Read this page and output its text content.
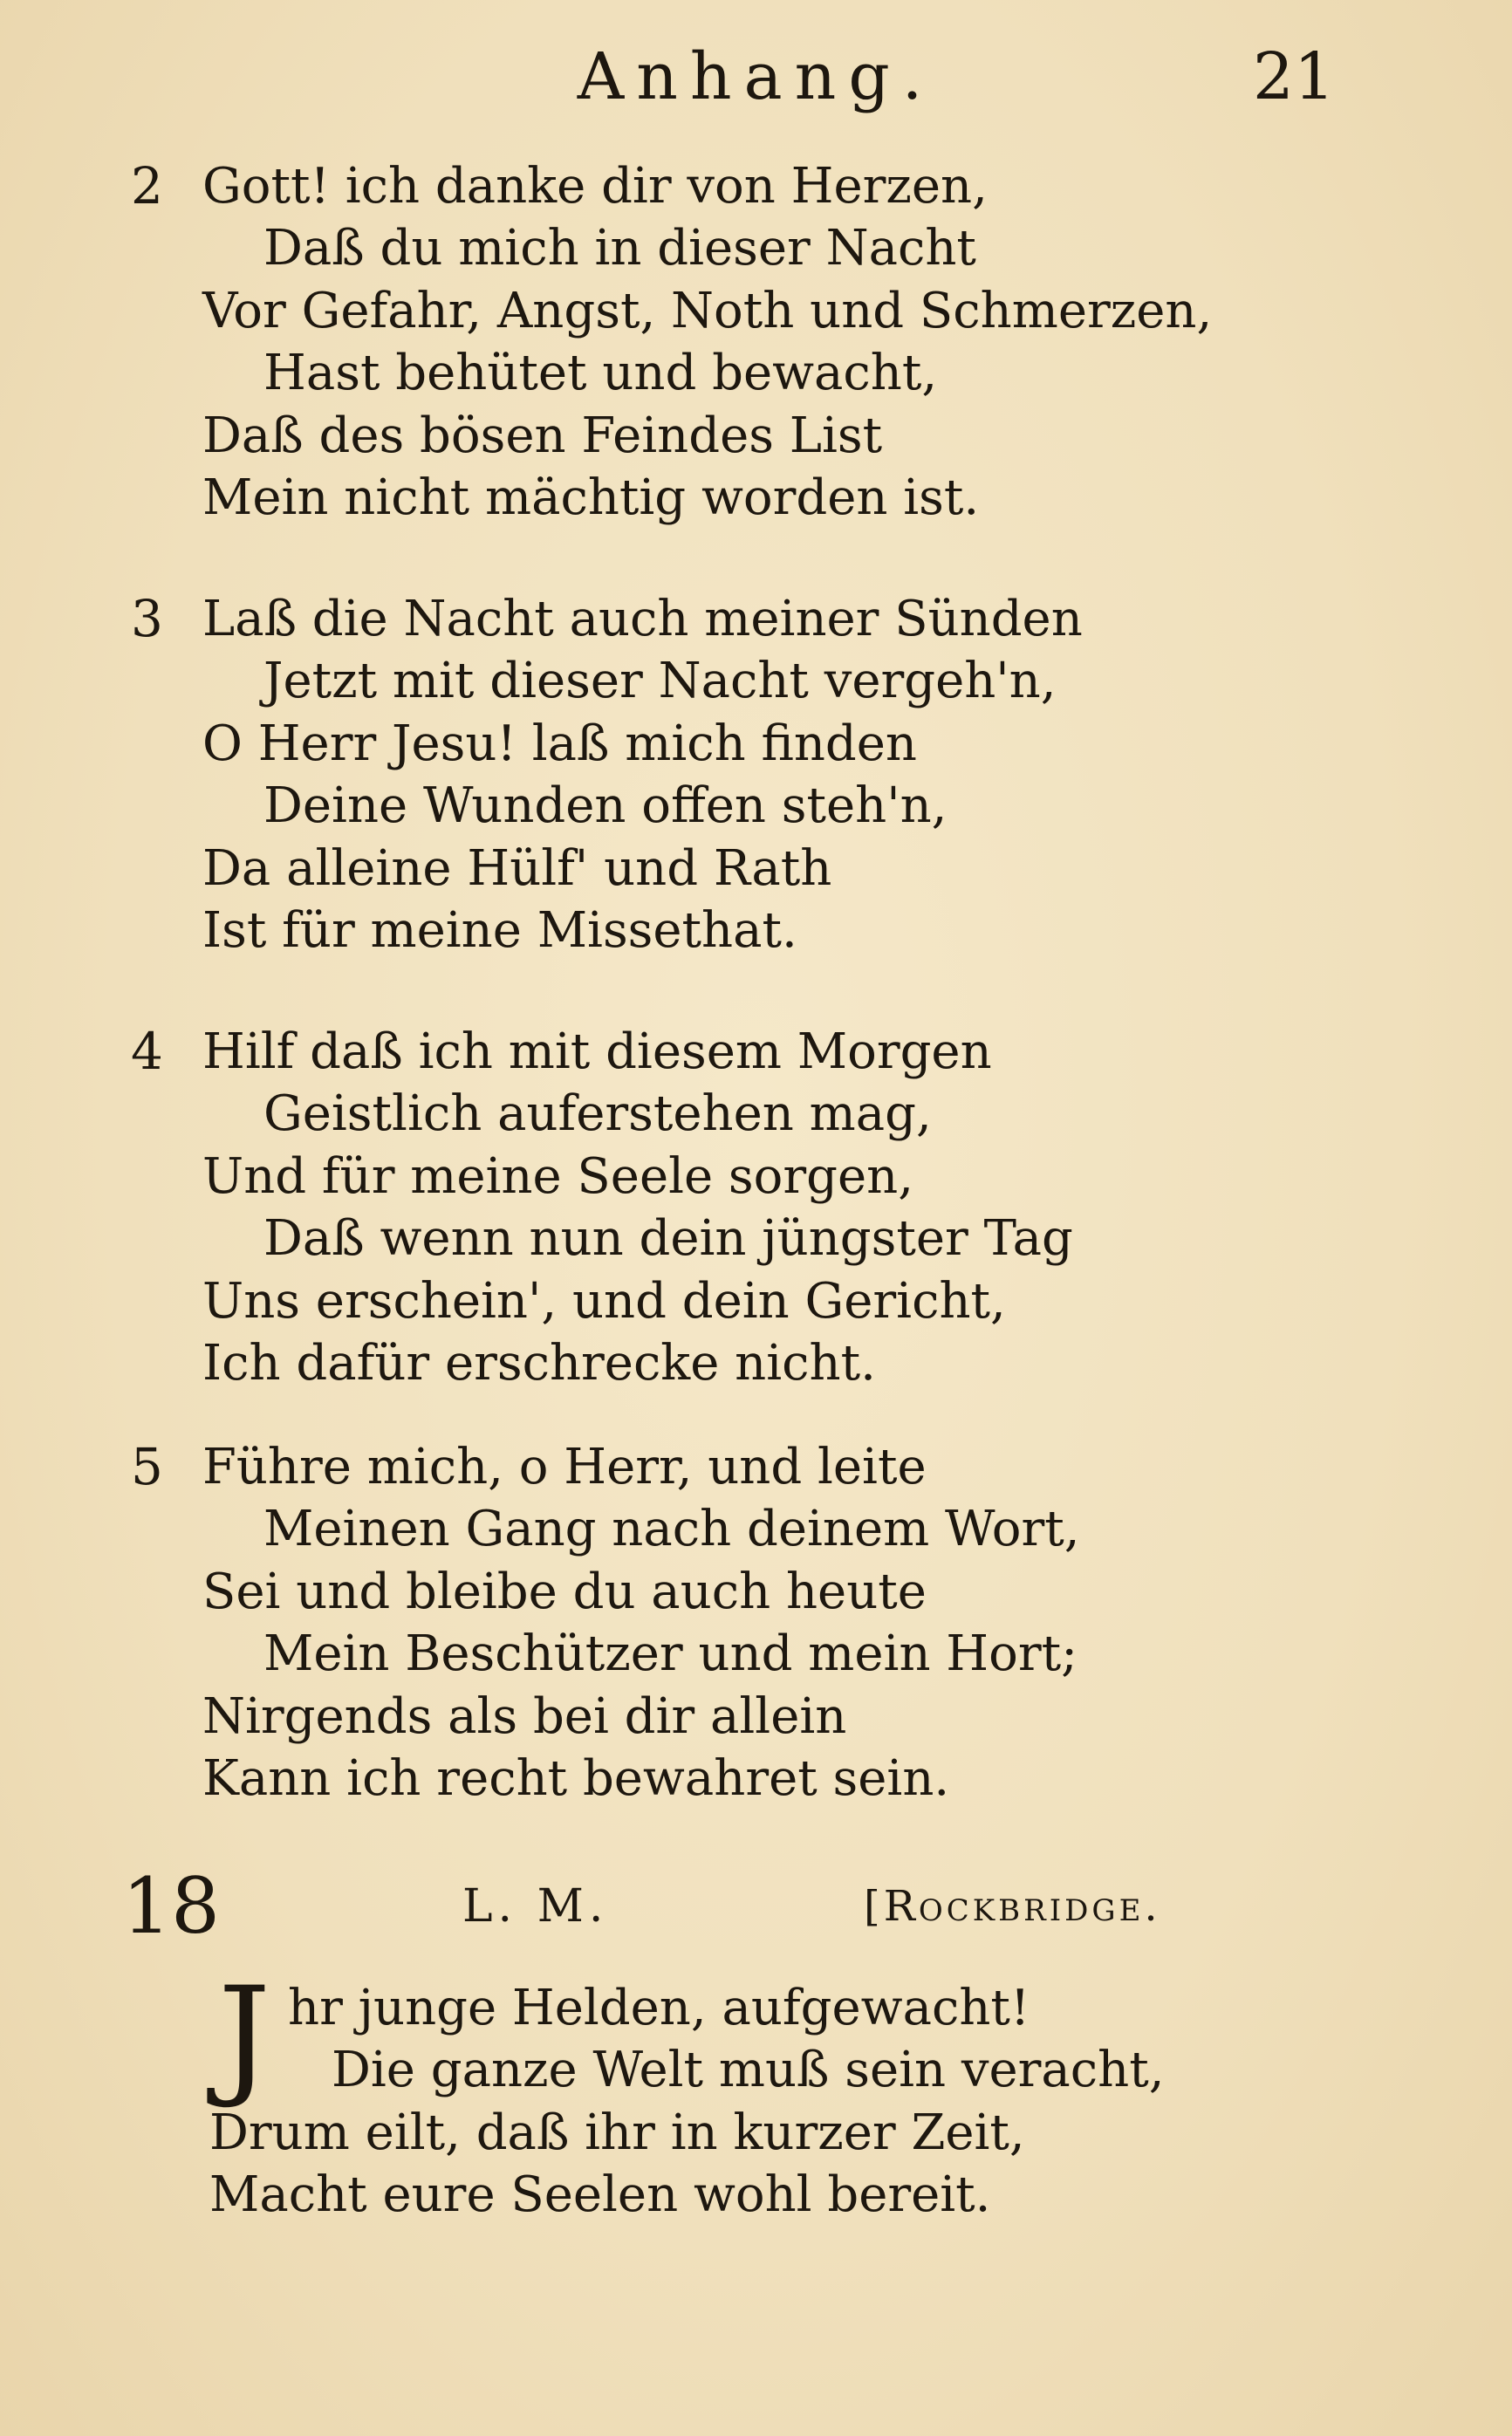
Anhang.	21
2 Gott! ich danke dir von Herzen,
Daß du mich in dieser Nacht
Vor Gefahr, Angst, Noth und Schmerzen,
Hast behütet und bewacht,
Daß des bösen Feindes List
Mein nicht mächtig worden ist.
3 Laß die Nacht auch meiner Sünden
Jetzt mit dieser Nacht vergeh'n,
O Herr Jesu! laß mich finden
Deine Wunden offen steh'n,
Da alleine Hülf' und Rath
Ist für meine Missethat.
4 Hilf daß ich mit diesem Morgen
Geistlich auferstehen mag,
Und für meine Seele sorgen,
Daß wenn nun dein jüngster Tag
Uns erschein', und dein Gericht,
Ich dafür erschrecke nicht.
5 Führe mich, o Herr, und leite
Meinen Gang nach deinem Wort,
Sei und bleibe du auch heute
Mein Beschützer und mein Hort;
Nirgends als bei dir allein
Kann ich recht bewahret sein.
18	L. M.	[Rockbridge.
J hr junge Helden, aufgewacht!
Die ganze Welt muß sein veracht,
Drum eilt, daß ihr in kurzer Zeit,
Macht eure Seelen wohl bereit.
